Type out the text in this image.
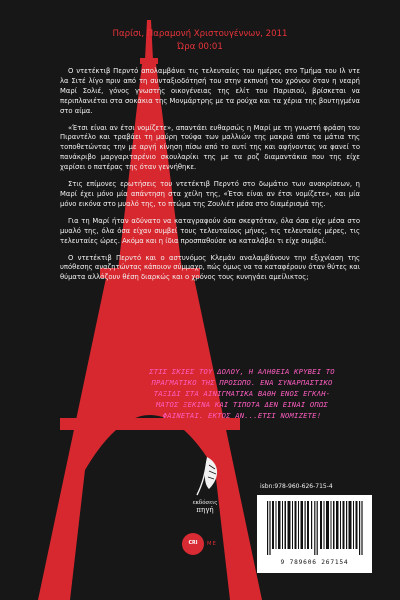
Παρίσι, Παραμονή Χριστουγέννων, 2011
Ώρα 00:01

Ο ντετέκτιβ Περντό απολαμβάνει τις τελευταίες του ημέρες στο Τμήμα του Ιλ ντε λα Σιτέ λίγο πριν από τη συνταξιοδότησή του στην εκπνοή του χρόνου όταν η νεαρή Μαρί Σολιέ, γόνος γνωστής οικογένειας της ελίτ του Παρισιού, βρίσκεται να περιπλανιέται στα σοκάκια της Μονμάρτρης με τα ρούχα και τα χέρια της βουτηγμένα στο αίμα.

«Έτσι είναι αν έτσι νομίζετε», απαντάει ευθαρσώς η Μαρί με τη γνωστή φράση του Πιραντέλο και τραβάει τη μαύρη τούφα των μαλλιών της μακριά από τα μάτια της τοποθετώντας την με αργή κίνηση πίσω από το αυτί της και αφήνοντας να φανεί το πανάκριβο μαργαριταρένιο σκουλαρίκι της με τα ροζ διαμαντάκια που της είχε χαρίσει ο πατέρας της όταν γεννήθηκε.

Στις επίμονες ερωτήσεις του ντετέκτιβ Περντό στο δωμάτιο των ανακρίσεων, η Μαρί έχει μόνο μία απάντηση στα χείλη της, «Έτσι είναι αν έτσι νομίζετε», και μία μόνο εικόνα στο μυαλό της, το πτώμα της Ζουλιέτ μέσα στο διαμέρισμά της.

Για τη Μαρί ήταν αδύνατο να καταγραφούν όσα σκεφτόταν, όλα όσα είχε μέσα στο μυαλό της, όλα όσα είχαν συμβεί τους τελευταίους μήνες, τις τελευταίες μέρες, τις τελευταίες ώρες. Ακόμα και η ίδια προσπαθούσε να καταλάβει τι είχε συμβεί.

Ο ντετέκτιβ Περντό και ο αστυνόμος Κλεμάν αναλαμβάνουν την εξιχνίαση της υπόθεσης αναζητώντας κάποιον σύμμαχο, πώς όμως να τα καταφέρουν όταν θύτες και θύματα αλλάζουν θέση διαρκώς και ο χρόνος τους κυνηγάει αμείλικτος;

ΣΤΙΣ ΣΚΙΕΣ ΤΟΥ ΔΟΛΟΥ, Η ΑΛΗΘΕΙΑ ΚΡΥΒΕΙ ΤΟ
ΠΡΑΓΜΑΤΙΚΟ ΤΗΣ ΠΡΟΣΩΠΟ. ΕΝΑ ΣΥΝΑΡΠΑΣΤΙΚΟ
ΤΑΞΙΔΙ ΣΤΑ ΑΙΝΙΓΜΑΤΙΚΑ ΒΑΘΗ ΕΝΟΣ ΕΓΚΛΗ-
ΜΑΤΟΣ ΞΕΚΙΝΑ ΚΑΙ ΤΙΠΟΤΑ ΔΕΝ ΕΙΝΑΙ ΟΠΩΣ
ΦΑΙΝΕΤΑΙ. ΕΚΤΟΣ ΑΝ...ΕΤΣΙ ΝΟΜΙΖΕΤΕ!
εκδόσεις
πηγή
CRI	ME
isbn:978-960-626-715-4
9 789606 267154
